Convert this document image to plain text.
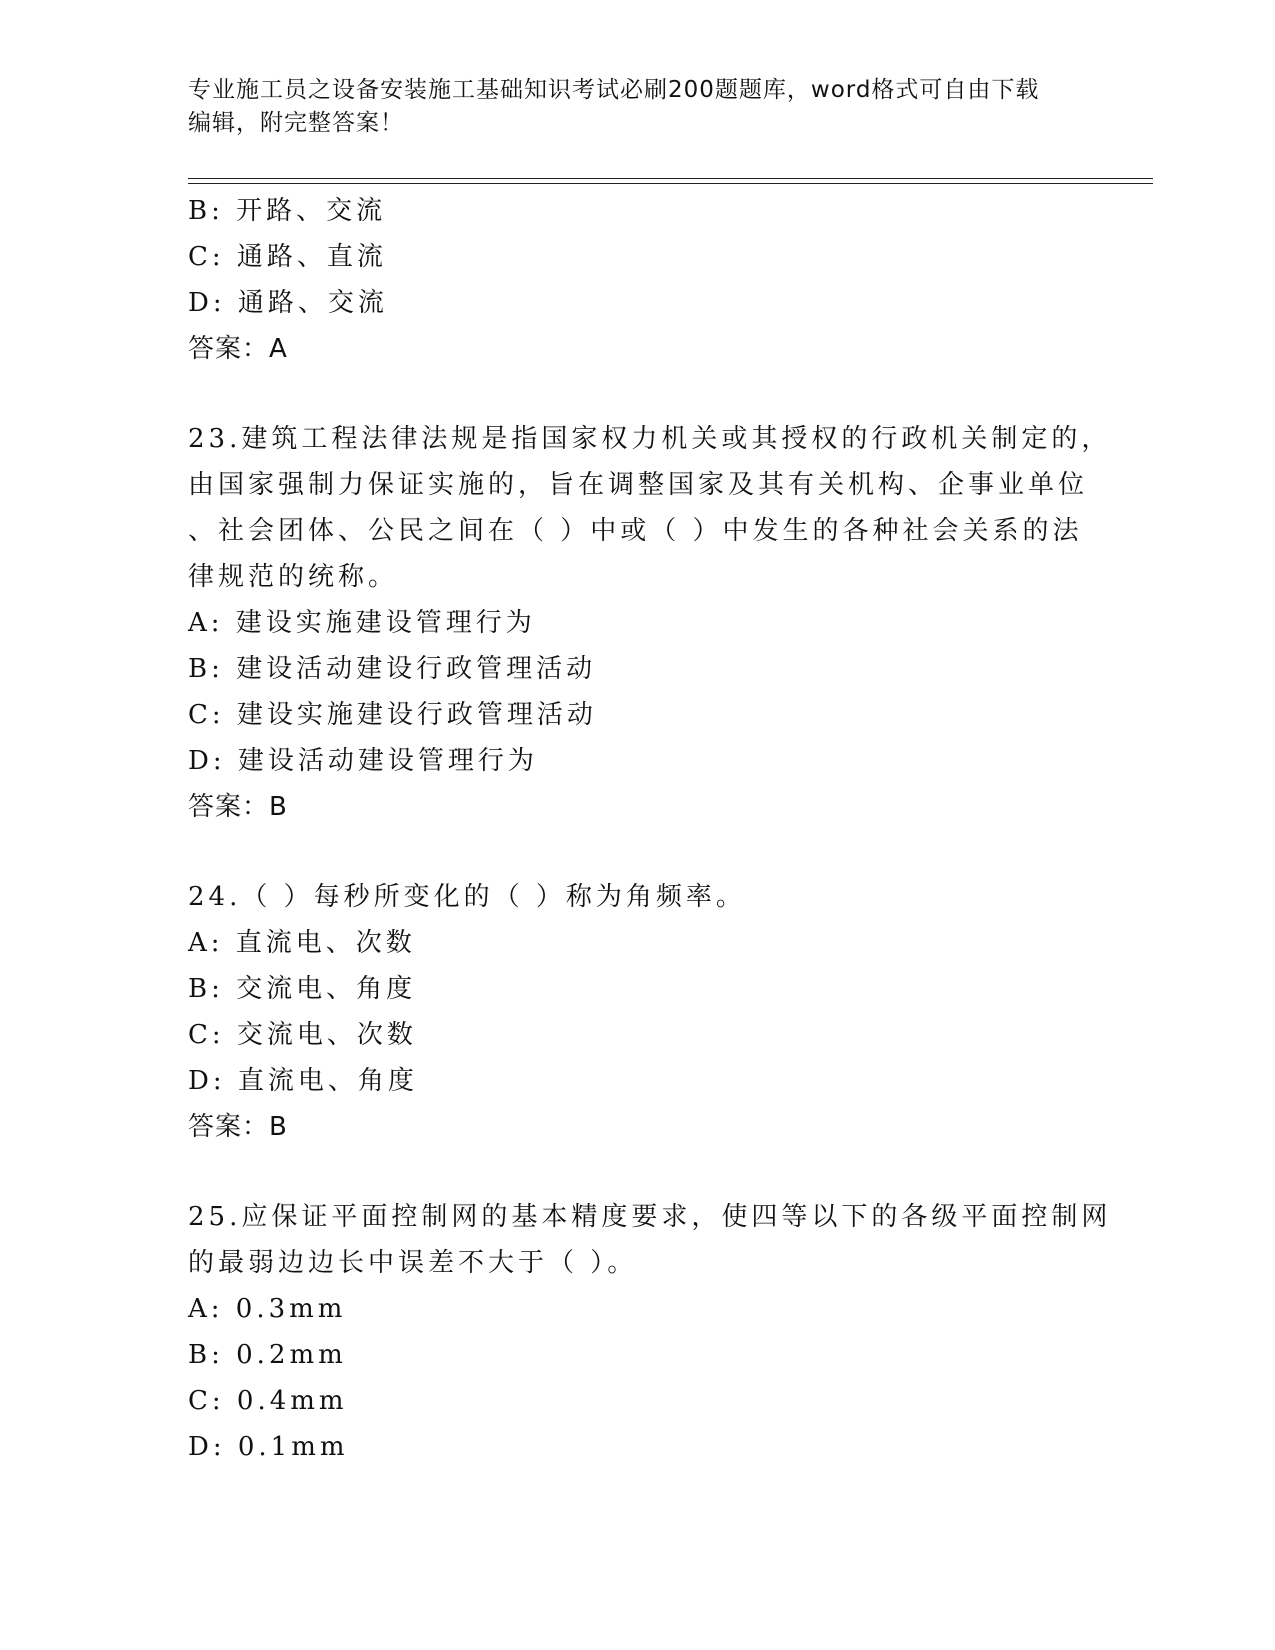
专业施工员之设备安装施工基础知识考试必刷200题题库，word格式可自由下载
编辑，附完整答案！
B: 开路、交流
C: 通路、直流
D: 通路、交流
答案：A
23.建筑工程法律法规是指国家权力机关或其授权的行政机关制定的，
由国家强制力保证实施的，旨在调整国家及其有关机构、企事业单位
、社会团体、公民之间在（ ）中或（ ）中发生的各种社会关系的法
律规范的统称。
A: 建设实施建设管理行为
B: 建设活动建设行政管理活动
C: 建设实施建设行政管理活动
D: 建设活动建设管理行为
答案：B
24.（ ）每秒所变化的（ ）称为角频率。
A: 直流电、次数
B: 交流电、角度
C: 交流电、次数
D: 直流电、角度
答案：B
25.应保证平面控制网的基本精度要求，使四等以下的各级平面控制网
的最弱边边长中误差不大于（ ）。
A: 0.3mm
B: 0.2mm
C: 0.4mm
D: 0.1mm
